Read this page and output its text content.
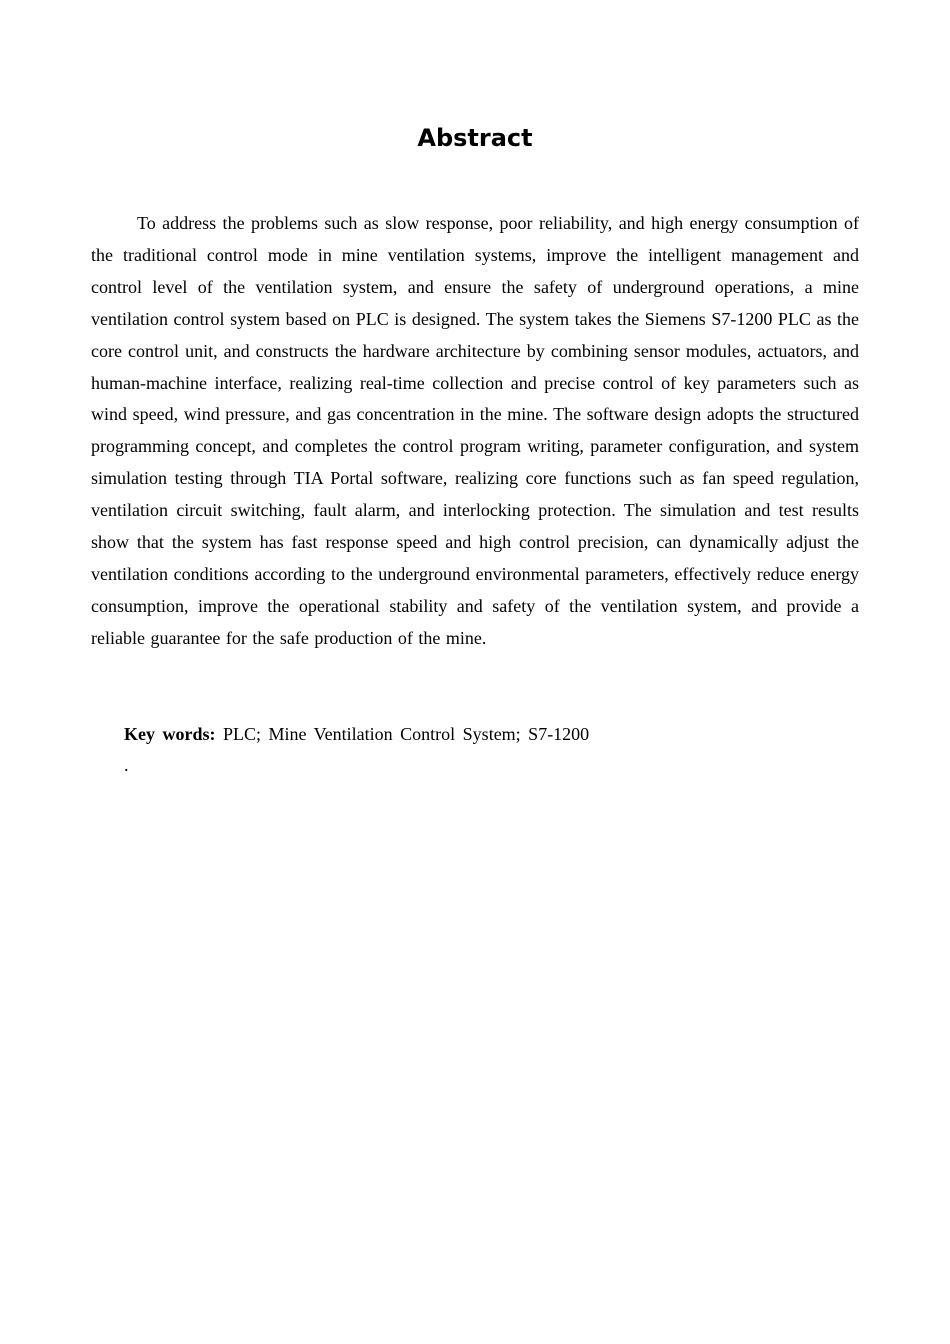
Abstract

To address the problems such as slow response, poor reliability, and high energy consumption of the traditional control mode in mine ventilation systems, improve the intelligent management and control level of the ventilation system, and ensure the safety of underground operations, a mine ventilation control system based on PLC is designed. The system takes the Siemens S7-1200 PLC as the core control unit, and constructs the hardware architecture by combining sensor modules, actuators, and human-machine interface, realizing real-time collection and precise control of key parameters such as wind speed, wind pressure, and gas concentration in the mine. The software design adopts the structured programming concept, and completes the control program writing, parameter configuration, and system simulation testing through TIA Portal software, realizing core functions such as fan speed regulation, ventilation circuit switching, fault alarm, and interlocking protection. The simulation and test results show that the system has fast response speed and high control precision, can dynamically adjust the ventilation conditions according to the underground environmental parameters, effectively reduce energy consumption, improve the operational stability and safety of the ventilation system, and provide a reliable guarantee for the safe production of the mine.

Key words: PLC; Mine Ventilation Control System; S7-1200

.
